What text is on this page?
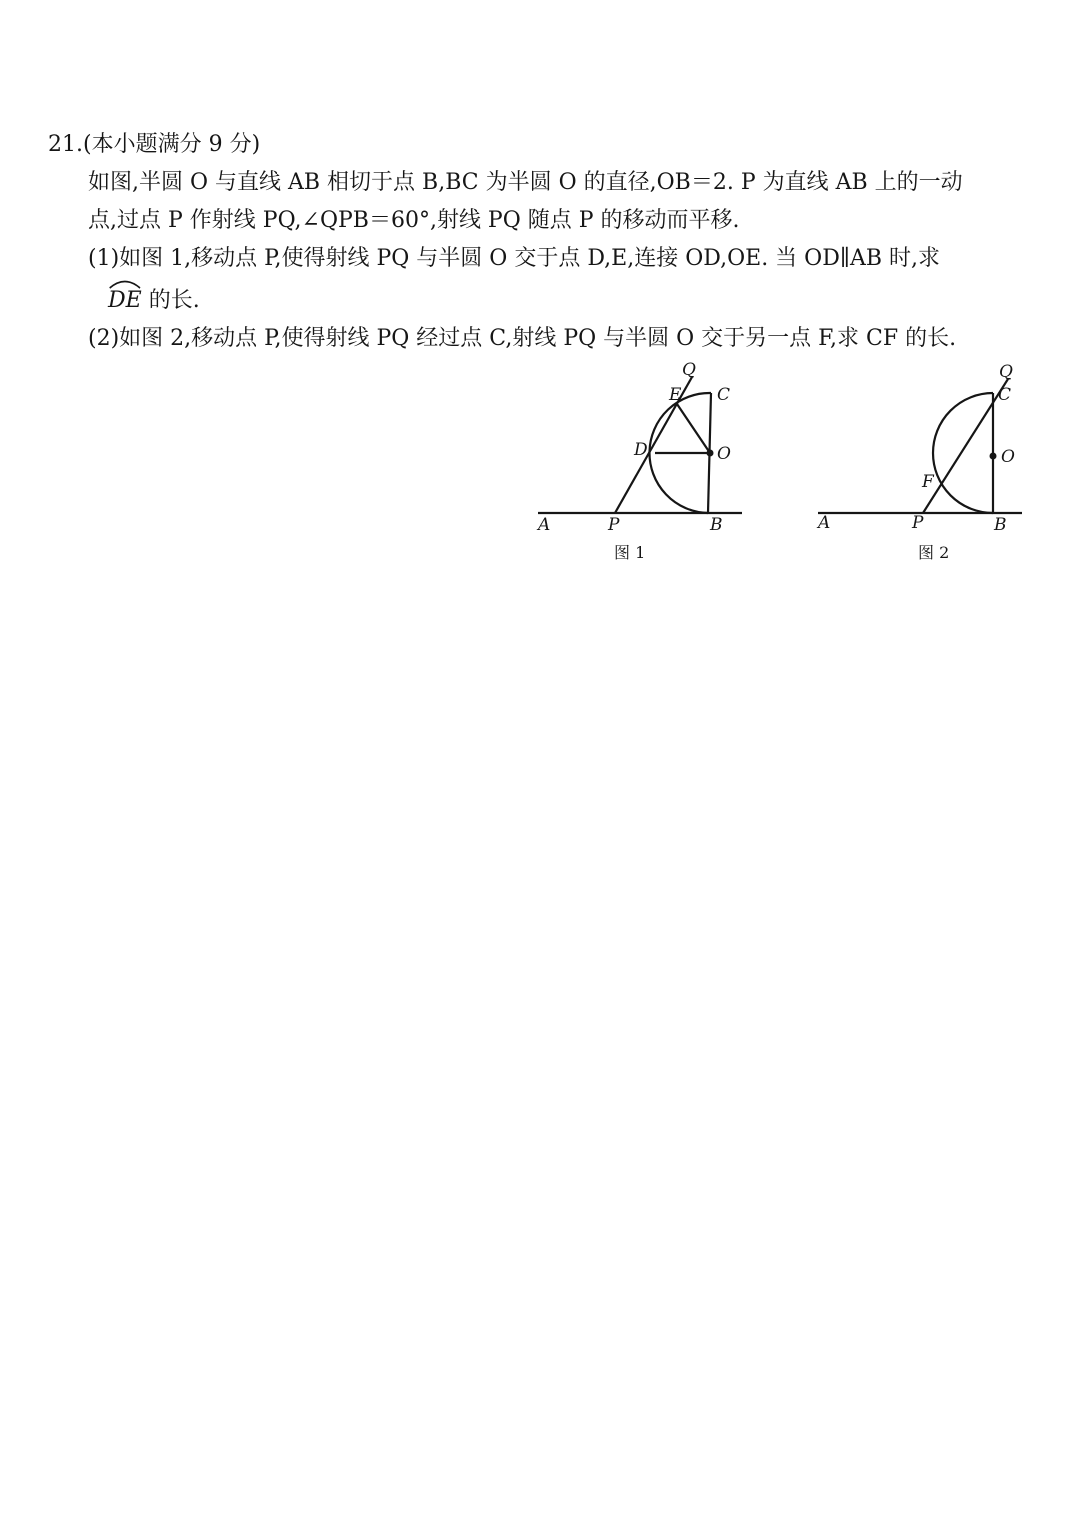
21.(本小题满分 9 分)
如图,半圆 O 与直线 AB 相切于点 B,BC 为半圆 O 的直径,OB＝2. P 为直线 AB 上的一动
点,过点 P 作射线 PQ,∠QPB＝60°,射线 PQ 随点 P 的移动而平移.
(1)如图 1,移动点 P,使得射线 PQ 与半圆 O 交于点 D,E,连接 OD,OE. 当 OD∥AB 时,求
DE 的长.
(2)如图 2,移动点 P,使得射线 PQ 经过点 C,射线 PQ 与半圆 O 交于另一点 F,求 CF 的长.
Q
E C
D	O
A	P	B
图 1
Q
C
O
F
A	P	B
图 2
